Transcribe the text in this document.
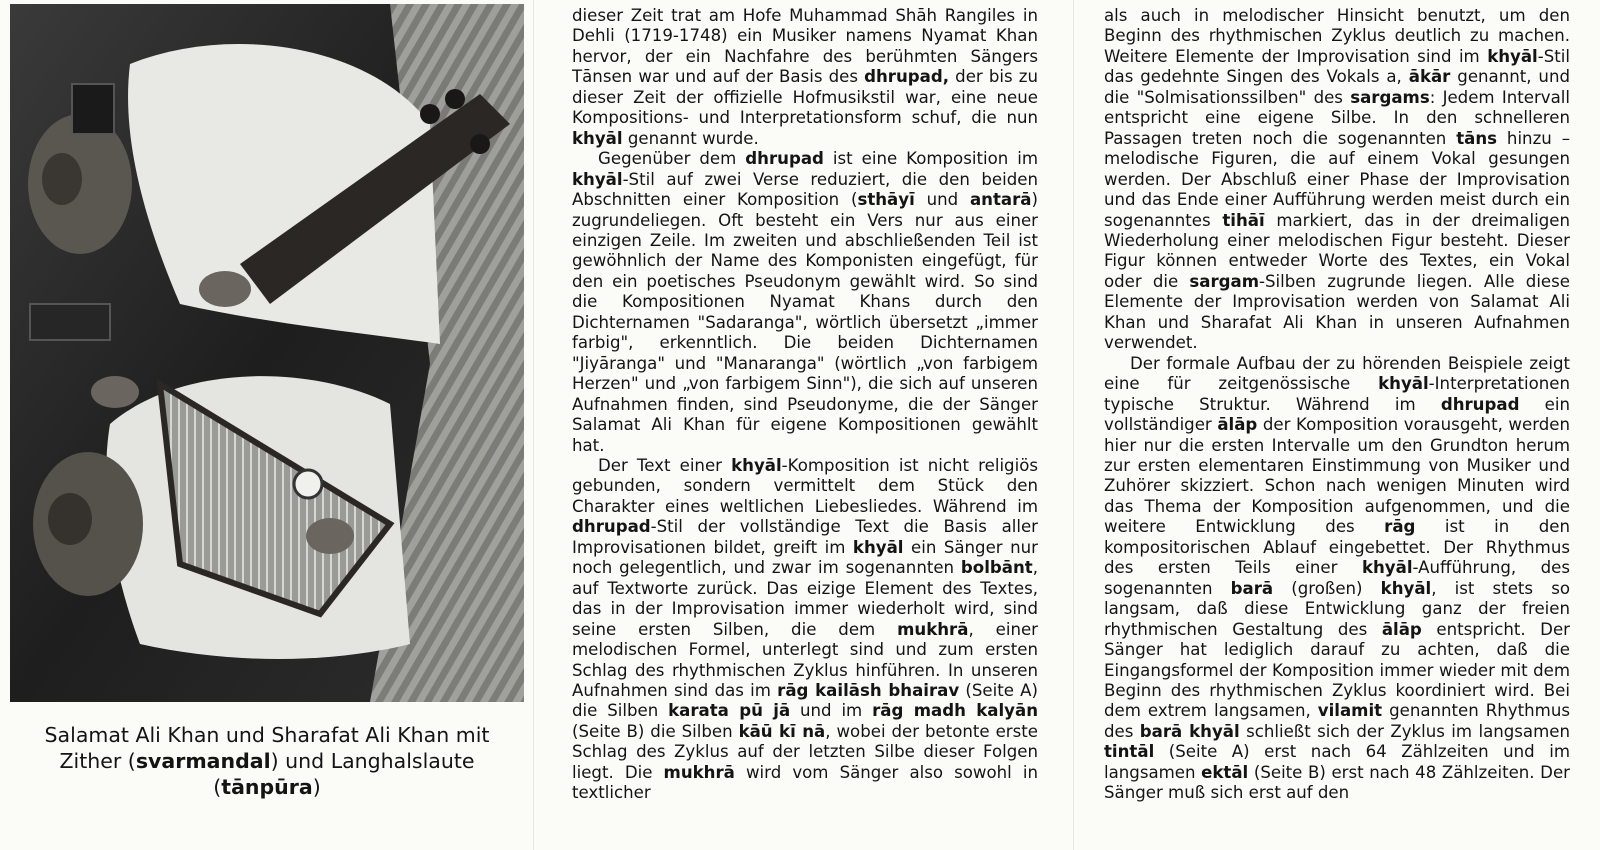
Salamat Ali Khan und Sharafat Ali Khan mit Zither (svarmandal) und Langhalslaute (tānpūra)

dieser Zeit trat am Hofe Muhammad Shāh Rangiles in Dehli (1719-1748) ein Musiker namens Nyamat Khan hervor, der ein Nachfahre des berühmten Sängers Tānsen war und auf der Basis des dhrupad, der bis zu dieser Zeit der offizielle Hofmusikstil war, eine neue Kompositions- und Interpretationsform schuf, die nun khyāl genannt wurde.

Gegenüber dem dhrupad ist eine Komposition im khyāl-Stil auf zwei Verse reduziert, die den beiden Abschnitten einer Komposition (sthāyī und antarā) zugrundeliegen. Oft besteht ein Vers nur aus einer einzigen Zeile. Im zweiten und abschließenden Teil ist gewöhnlich der Name des Komponisten eingefügt, für den ein poetisches Pseudonym gewählt wird. So sind die Kompositionen Nyamat Khans durch den Dichternamen "Sadaranga", wörtlich übersetzt „immer farbig", erkenntlich. Die beiden Dichternamen "Jiyāranga" und "Manaranga" (wörtlich „von farbigem Herzen" und „von farbigem Sinn"), die sich auf unseren Aufnahmen finden, sind Pseudonyme, die der Sänger Salamat Ali Khan für eigene Kompositionen gewählt hat.

Der Text einer khyāl-Komposition ist nicht religiös gebunden, sondern vermittelt dem Stück den Charakter eines weltlichen Liebesliedes. Während im dhrupad-Stil der vollständige Text die Basis aller Improvisationen bildet, greift im khyāl ein Sänger nur noch gelegentlich, und zwar im sogenannten bolbānt, auf Textworte zurück. Das eizige Element des Textes, das in der Improvisation immer wiederholt wird, sind seine ersten Silben, die dem mukhrā, einer melodischen Formel, unterlegt sind und zum ersten Schlag des rhythmischen Zyklus hinführen. In unseren Aufnahmen sind das im rāg kailāsh bhairav (Seite A) die Silben karata pū jā und im rāg madh kalyān (Seite B) die Silben kāū kī nā, wobei der betonte erste Schlag des Zyklus auf der letzten Silbe dieser Folgen liegt. Die mukhrā wird vom Sänger also sowohl in textlicher

als auch in melodischer Hinsicht benutzt, um den Beginn des rhythmischen Zyklus deutlich zu machen. Weitere Elemente der Improvisation sind im khyāl-Stil das gedehnte Singen des Vokals a, ākār genannt, und die "Solmisationssilben" des sargams: Jedem Intervall entspricht eine eigene Silbe. In den schnelleren Passagen treten noch die sogenannten tāns hinzu – melodische Figuren, die auf einem Vokal gesungen werden. Der Abschluß einer Phase der Improvisation und das Ende einer Aufführung werden meist durch ein sogenanntes tihāī markiert, das in der dreimaligen Wiederholung einer melodischen Figur besteht. Dieser Figur können entweder Worte des Textes, ein Vokal oder die sargam-Silben zugrunde liegen. Alle diese Elemente der Improvisation werden von Salamat Ali Khan und Sharafat Ali Khan in unseren Aufnahmen verwendet.

Der formale Aufbau der zu hörenden Beispiele zeigt eine für zeitgenössische khyāl-Interpretationen typische Struktur. Während im dhrupad ein vollständiger ālāp der Komposition vorausgeht, werden hier nur die ersten Intervalle um den Grundton herum zur ersten elementaren Einstimmung von Musiker und Zuhörer skizziert. Schon nach wenigen Minuten wird das Thema der Komposition aufgenommen, und die weitere Entwicklung des rāg ist in den kompositorischen Ablauf eingebettet. Der Rhythmus des ersten Teils einer khyāl-Aufführung, des sogenannten barā (großen) khyāl, ist stets so langsam, daß diese Entwicklung ganz der freien rhythmischen Gestaltung des ālāp entspricht. Der Sänger hat lediglich darauf zu achten, daß die Eingangsformel der Komposition immer wieder mit dem Beginn des rhythmischen Zyklus koordiniert wird. Bei dem extrem langsamen, vilamit genannten Rhythmus des barā khyāl schließt sich der Zyklus im langsamen tintāl (Seite A) erst nach 64 Zählzeiten und im langsamen ektāl (Seite B) erst nach 48 Zählzeiten. Der Sänger muß sich erst auf den
